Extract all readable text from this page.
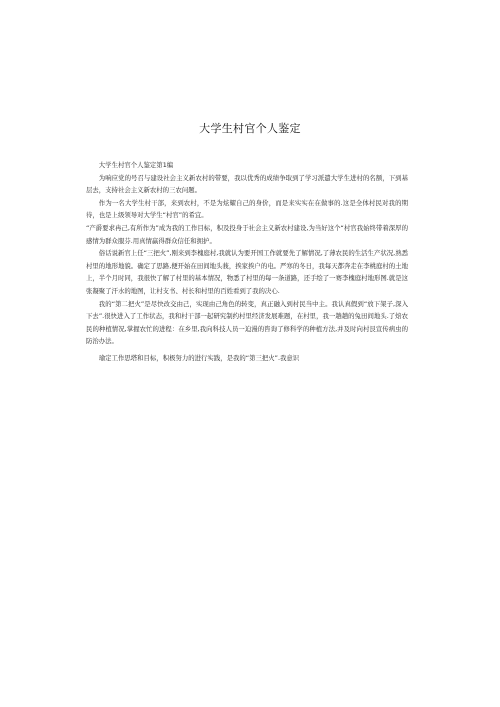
大学生村官个人鉴定

大学生村官个人鉴定第1编

为响应党的号召与建设社会主义新农村的带要，我以优秀的成绩争取到了学习派遣大学生进村的名额，下到基层去，支持社会主义新农村的三农问题。

作为一名大学生村干部，来到农村，不是为炫耀自己的身价，而是来实实在在做事的.这是全体村民对我的期待，也是上级领导对大学生“村官”的希宜。

“产爵要求冉己,有所作为”成为我的工作目标，积及投身于社会主义新农村建设,为当好这个“村官我始终带着深厚的感情为群众服芬.用真情赢得群众信任和拥护。

俗话说新官上任“三把火”,刚来到李槐庭村,我就认为要开国工作就要先了解情况,了薄农民的生活生产状况,熟悉村里的地形地貌。确定了思路,便开始在田间地头莪，挨家挨户的电。严寒的冬日，我每天都奔走在李桃庭村的土地上，半个月时同，我很快了解了村里的基本情况，物悉了村里的每一条道路，还手绘了一赛李槐庭村地形图.就是这张凝聚了汗水的地图，让村支书、村长和村里的百姓看到了我的决心.

我的“第二把火”是尽快改交由己，实现由己角色的转变，真正融入到村民当中主。我认真假到“放下架子,深入下去”.很快进入了工作状态，我和村干部一起研究制约村里经济发展难题，在村里，我一趟趟的兔田间地头.了焙农民的种植情况,掌握农忙的进程：在乡里,我向科技人员一迫漫的咨询了修科学的种植方法,并及时向村艮宣传病虫的防治办法。

瑜定工作思塔和目标，积极努力的进行实践，是我的“第三把火”.我意识
